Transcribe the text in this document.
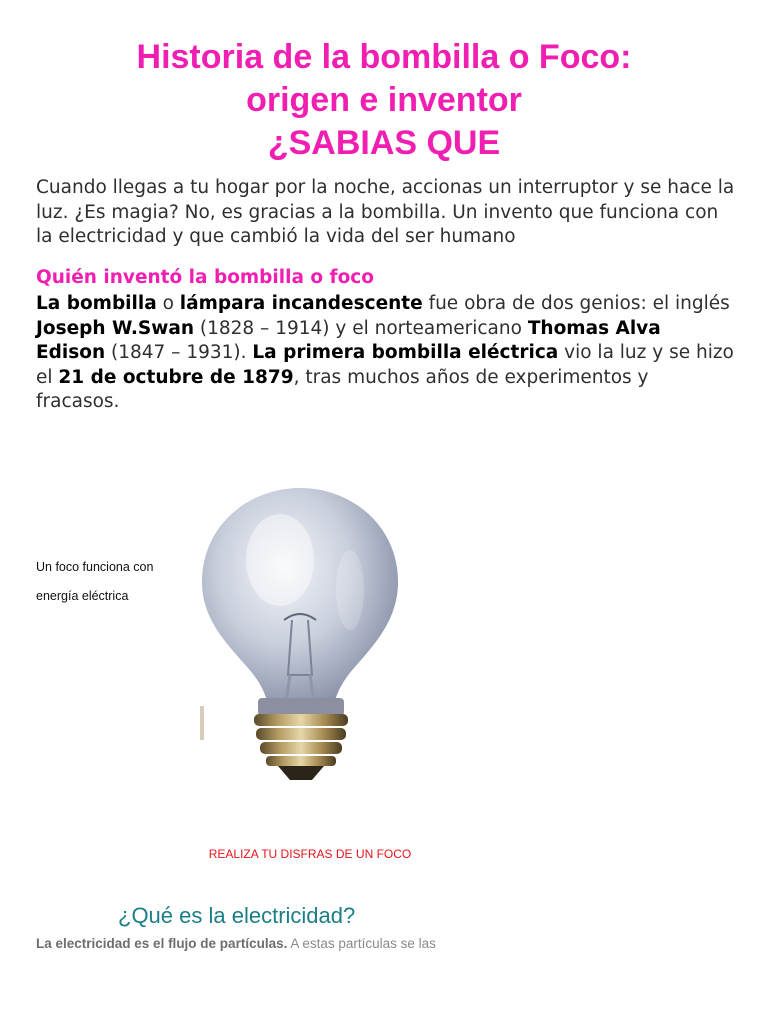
Historia de la bombilla o Foco:
origen e inventor
¿SABIAS QUE

Cuando llegas a tu hogar por la noche, accionas un interruptor y se hace la luz. ¿Es magia? No, es gracias a la bombilla. Un invento que funciona con la electricidad y que cambió la vida del ser humano

Quién inventó la bombilla o foco

La bombilla o lámpara incandescente fue obra de dos genios: el inglés Joseph W.Swan (1828 – 1914) y el norteamericano Thomas Alva Edison (1847 – 1931). La primera bombilla eléctrica vio la luz y se hizo el 21 de octubre de 1879, tras muchos años de experimentos y fracasos.

Un foco funciona con
energía eléctrica

REALIZA TU DISFRAS DE UN FOCO

¿Qué es la electricidad?

La electricidad es el flujo de partículas. A estas partículas se las
